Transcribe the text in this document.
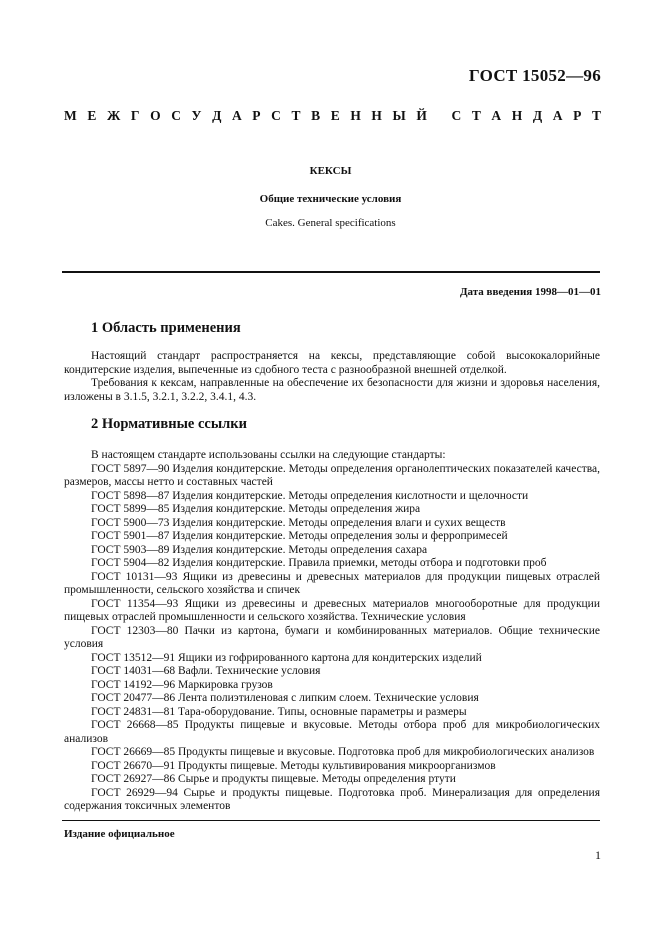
ГОСТ 15052—96
М Е Ж Г О С У Д А Р С Т В Е Н Н Ы Й
С Т А Н Д А Р Т
КЕКСЫ
Общие технические условия
Cakes. General specifications
Дата введения 1998—01—01
1 Область применения
Настоящий стандарт распространяется на кексы, представляющие собой высококалорийные кондитерские изделия, выпеченные из сдобного теста с разнообразной внешней отделкой.
Требования к кексам, направленные на обеспечение их безопасности для жизни и здоровья населения, изложены в 3.1.5, 3.2.1, 3.2.2, 3.4.1, 4.3.
2 Нормативные ссылки

В настоящем стандарте использованы ссылки на следующие стандарты:

ГОСТ 5897—90 Изделия кондитерские. Методы определения органолептических показателей качества, размеров, массы нетто и составных частей

ГОСТ 5898—87 Изделия кондитерские. Методы определения кислотности и щелочности

ГОСТ 5899—85 Изделия кондитерские. Методы определения жира

ГОСТ 5900—73 Изделия кондитерские. Методы определения влаги и сухих веществ

ГОСТ 5901—87 Изделия кондитерские. Методы определения золы и ферропримесей

ГОСТ 5903—89 Изделия кондитерские. Методы определения сахара

ГОСТ 5904—82 Изделия кондитерские. Правила приемки, методы отбора и подготовки проб

ГОСТ 10131—93 Ящики из древесины и древесных материалов для продукции пищевых отраслей промышленности, сельского хозяйства и спичек

ГОСТ 11354—93 Ящики из древесины и древесных материалов многооборотные для продукции пищевых отраслей промышленности и сельского хозяйства. Технические условия

ГОСТ 12303—80 Пачки из картона, бумаги и комбинированных материалов. Общие технические условия

ГОСТ 13512—91 Ящики из гофрированного картона для кондитерских изделий

ГОСТ 14031—68 Вафли. Технические условия

ГОСТ 14192—96 Маркировка грузов

ГОСТ 20477—86 Лента полиэтиленовая с липким слоем. Технические условия

ГОСТ 24831—81 Тара-оборудование. Типы, основные параметры и размеры

ГОСТ 26668—85 Продукты пищевые и вкусовые. Методы отбора проб для микробиологических анализов

ГОСТ 26669—85 Продукты пищевые и вкусовые. Подготовка проб для микробиологических анализов

ГОСТ 26670—91 Продукты пищевые. Методы культивирования микроорганизмов

ГОСТ 26927—86 Сырье и продукты пищевые. Методы определения ртути

ГОСТ 26929—94 Сырье и продукты пищевые. Подготовка проб. Минерализация для определения содержания токсичных элементов

Издание официальное
1
